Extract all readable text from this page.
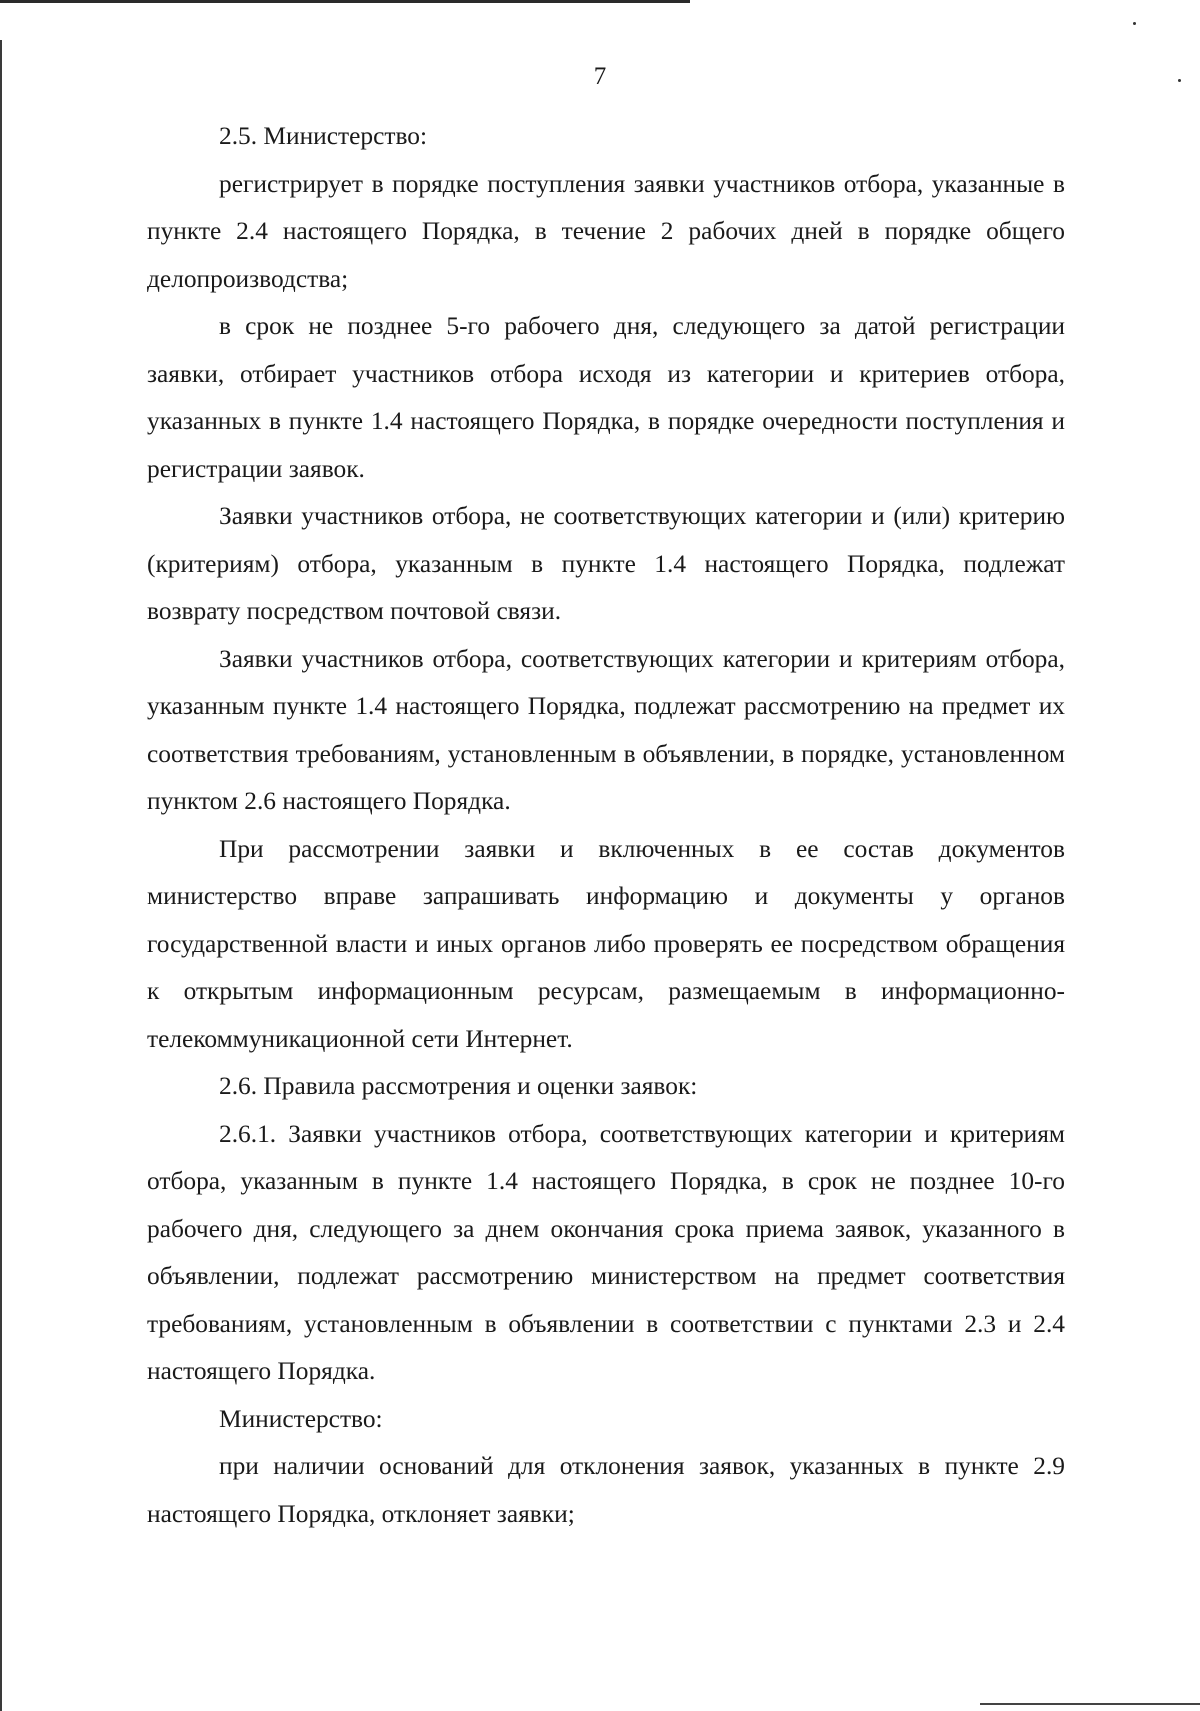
7

2.5. Министерство:

регистрирует в порядке поступления заявки участников отбора, указанные в пункте 2.4 настоящего Порядка, в течение 2 рабочих дней в порядке общего делопроизводства;

в срок не позднее 5-го рабочего дня, следующего за датой регистрации заявки, отбирает участников отбора исходя из категории и критериев отбора, указанных в пункте 1.4 настоящего Порядка, в порядке очередности поступления и регистрации заявок.

Заявки участников отбора, не соответствующих категории и (или) критерию (критериям) отбора, указанным в пункте 1.4 настоящего Порядка, подлежат возврату посредством почтовой связи.

Заявки участников отбора, соответствующих категории и критериям отбора, указанным пункте 1.4 настоящего Порядка, подлежат рассмотрению на предмет их соответствия требованиям, установленным в объявлении, в порядке, установленном пунктом 2.6 настоящего Порядка.

При рассмотрении заявки и включенных в ее состав документов министерство вправе запрашивать информацию и документы у органов государственной власти и иных органов либо проверять ее посредством обращения к открытым информационным ресурсам, размещаемым в информационно-телекоммуникационной сети Интернет.

2.6. Правила рассмотрения и оценки заявок:

2.6.1. Заявки участников отбора, соответствующих категории и критериям отбора, указанным в пункте 1.4 настоящего Порядка, в срок не позднее 10-го рабочего дня, следующего за днем окончания срока приема заявок, указанного в объявлении, подлежат рассмотрению министерством на предмет соответствия требованиям, установленным в объявлении в соответствии с пунктами 2.3 и 2.4 настоящего Порядка.

Министерство:

при наличии оснований для отклонения заявок, указанных в пункте 2.9 настоящего Порядка, отклоняет заявки;
